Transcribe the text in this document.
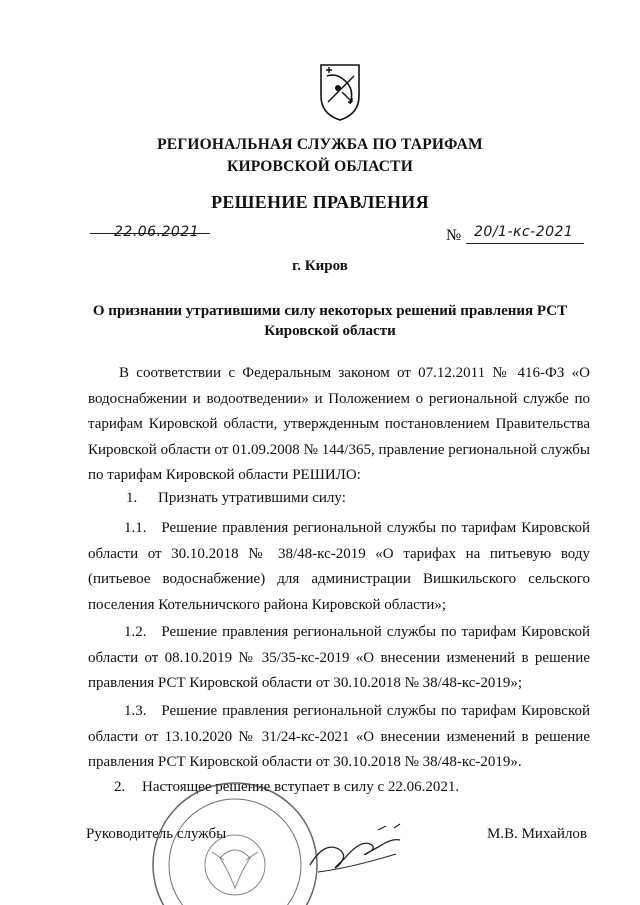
РЕГИОНАЛЬНАЯ СЛУЖБА ПО ТАРИФАМ
КИРОВСКОЙ ОБЛАСТИ
РЕШЕНИЕ ПРАВЛЕНИЯ
22.06.2021	№ 20/1-кс-2021
г. Киров
О признании утратившими силу некоторых решений правления РСТ Кировской области
В соответствии с Федеральным законом от 07.12.2011 № 416-ФЗ «О водоснабжении и водоотведении» и Положением о региональной службе по тарифам Кировской области, утвержденным постановлением Правительства Кировской области от 01.09.2008 № 144/365, правление региональной службы по тарифам Кировской области РЕШИЛО:
1. Признать утратившими силу:
1.1. Решение правления региональной службы по тарифам Кировской области от 30.10.2018 № 38/48-кс-2019 «О тарифах на питьевую воду (питьевое водоснабжение) для администрации Вишкильского сельского поселения Котельничского района Кировской области»;
1.2. Решение правления региональной службы по тарифам Кировской области от 08.10.2019 № 35/35-кс-2019 «О внесении изменений в решение правления РСТ Кировской области от 30.10.2018 № 38/48-кс-2019»;
1.3. Решение правления региональной службы по тарифам Кировской области от 13.10.2020 № 31/24-кс-2021 «О внесении изменений в решение правления РСТ Кировской области от 30.10.2018 № 38/48-кс-2019».
2. Настоящее решение вступает в силу с 22.06.2021.
Руководитель службы	М.В. Михайлов
